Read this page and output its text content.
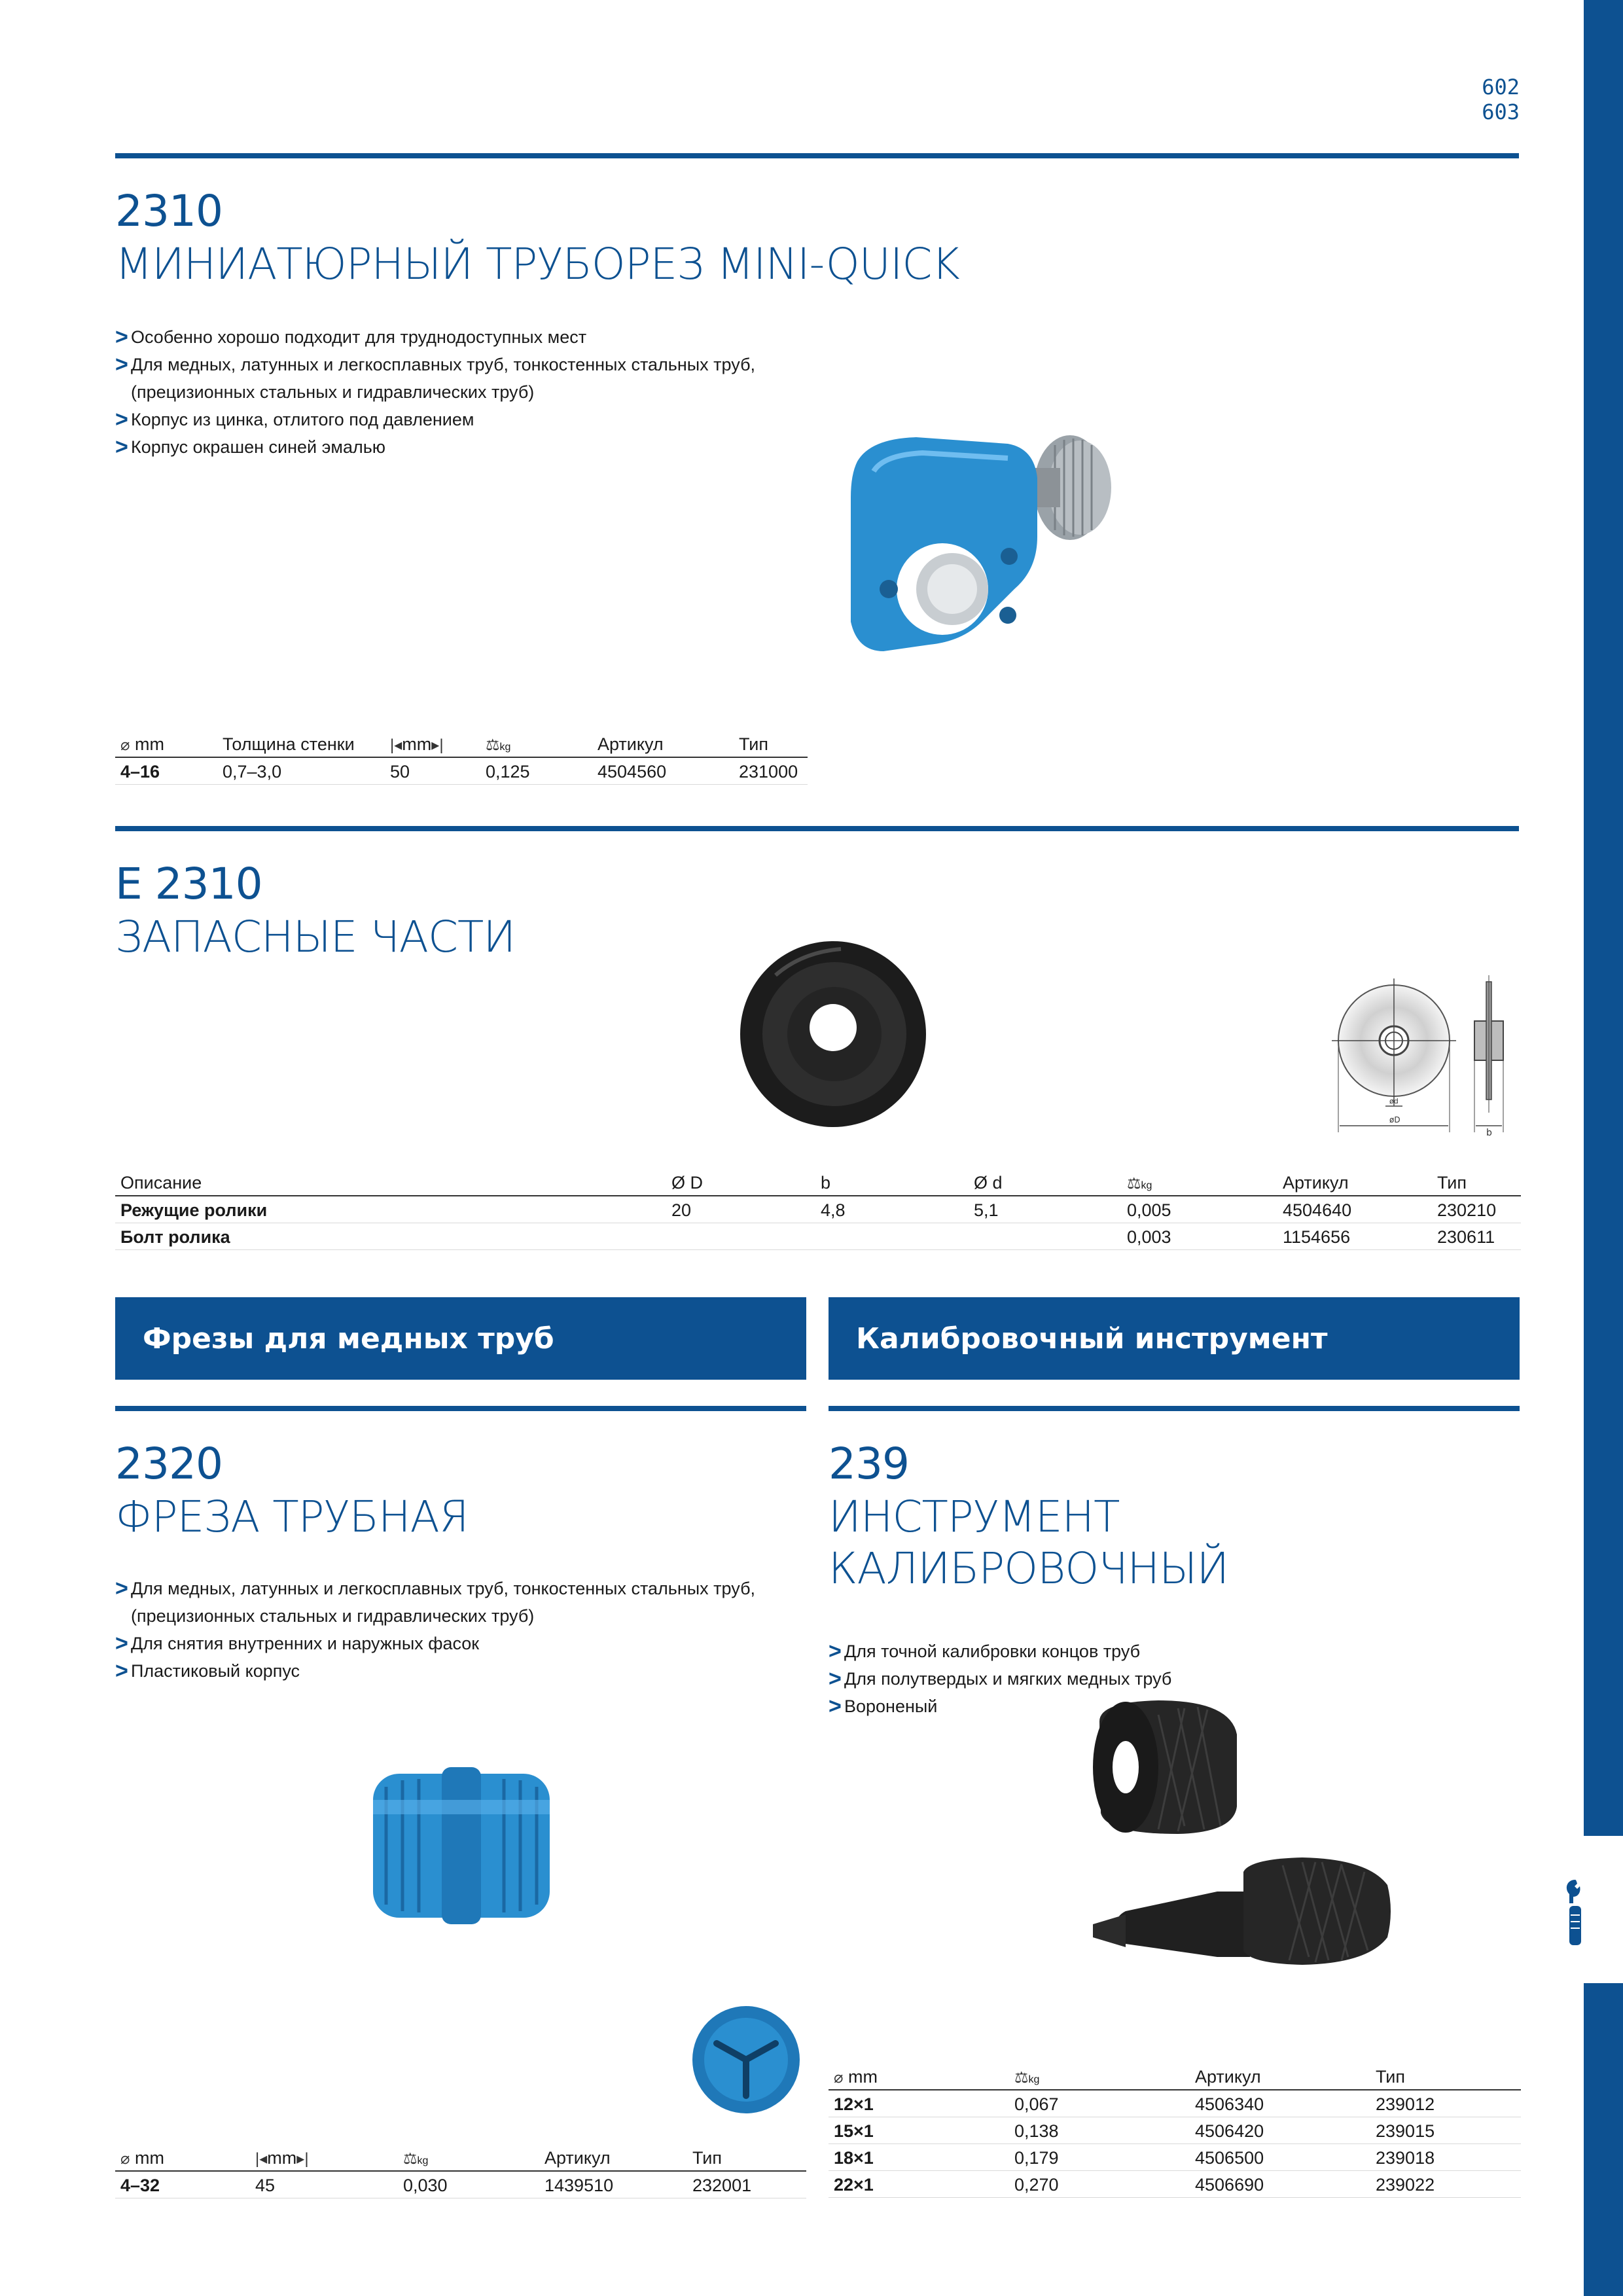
602
603
2310
МИНИАТЮРНЫЙ ТРУБОРЕЗ MINI-QUICK
> Особенно хорошо подходит для труднодоступных мест
> Для медных, латунных и легкосплавных труб, тонкостенных стальных труб, (прецизионных стальных и гидравлических труб)
> Корпус из цинка, отлитого под давлением
> Корпус окрашен синей эмалью
⌀ mm	Толщина стенки	|◂mm▸|	⚖kg	Артикул	Тип
4–16	0,7–3,0	50	0,125	4504560	231000
E 2310
ЗАПАСНЫЕ ЧАСТИ
øD
ød
b
Описание	Ø D	b	Ø d	⚖kg	Артикул	Тип
Режущие ролики	20	4,8	5,1	0,005	4504640	230210
Болт ролика				0,003	1154656	230611
Фрезы для медных труб	Калибровочный инструмент
2320
ФРЕЗА ТРУБНАЯ
> Для медных, латунных и легкосплавных труб, тонкостенных стальных труб, (прецизионных стальных и гидравлических труб)
> Для снятия внутренних и наружных фасок
> Пластиковый корпус
⌀ mm	|◂mm▸|	⚖kg	Артикул	Тип
4–32	45	0,030	1439510	232001
239
ИНСТРУМЕНТ
КАЛИБРОВОЧНЫЙ
> Для точной калибровки концов труб
> Для полутвердых и мягких медных труб
> Вороненый
⌀ mm	⚖kg	Артикул	Тип
12×1	0,067	4506340	239012
15×1	0,138	4506420	239015
18×1	0,179	4506500	239018
22×1	0,270	4506690	239022
